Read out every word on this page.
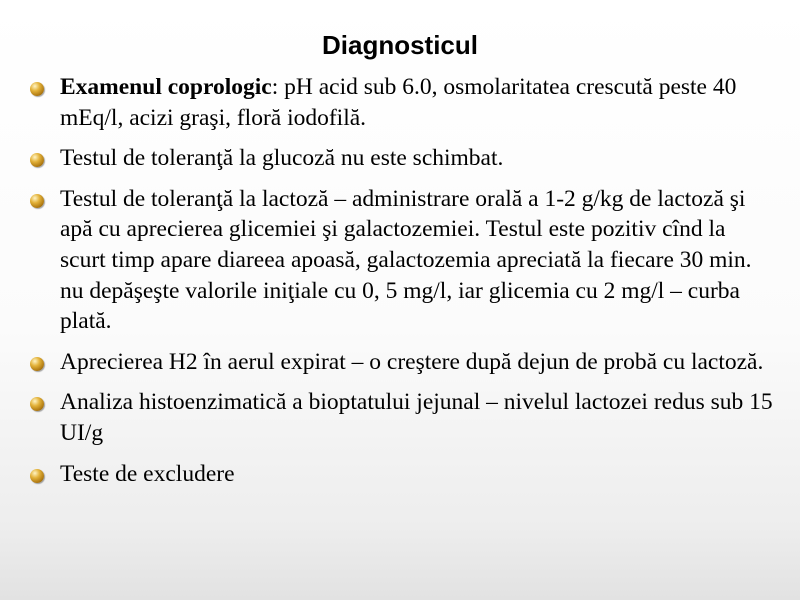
Diagnosticul
Examenul coprologic: pH acid sub 6.0, osmolaritatea crescută peste 40 mEq/l, acizi graşi, floră iodofilă.
Testul de toleranţă la glucoză nu este schimbat.
Testul de toleranţă la lactoză – administrare orală a 1-2 g/kg de lactoză şi apă cu aprecierea glicemiei şi galactozemiei. Testul este pozitiv cînd la scurt timp apare diareea apoasă, galactozemia apreciată la fiecare 30 min. nu depăşeşte valorile iniţiale cu 0, 5 mg/l, iar glicemia cu 2 mg/l – curba plată.
Aprecierea H2 în aerul expirat – o creştere după dejun de probă cu lactoză.
Analiza histoenzimatică a bioptatului jejunal – nivelul lactozei redus sub 15 UI/g
Teste de excludere
